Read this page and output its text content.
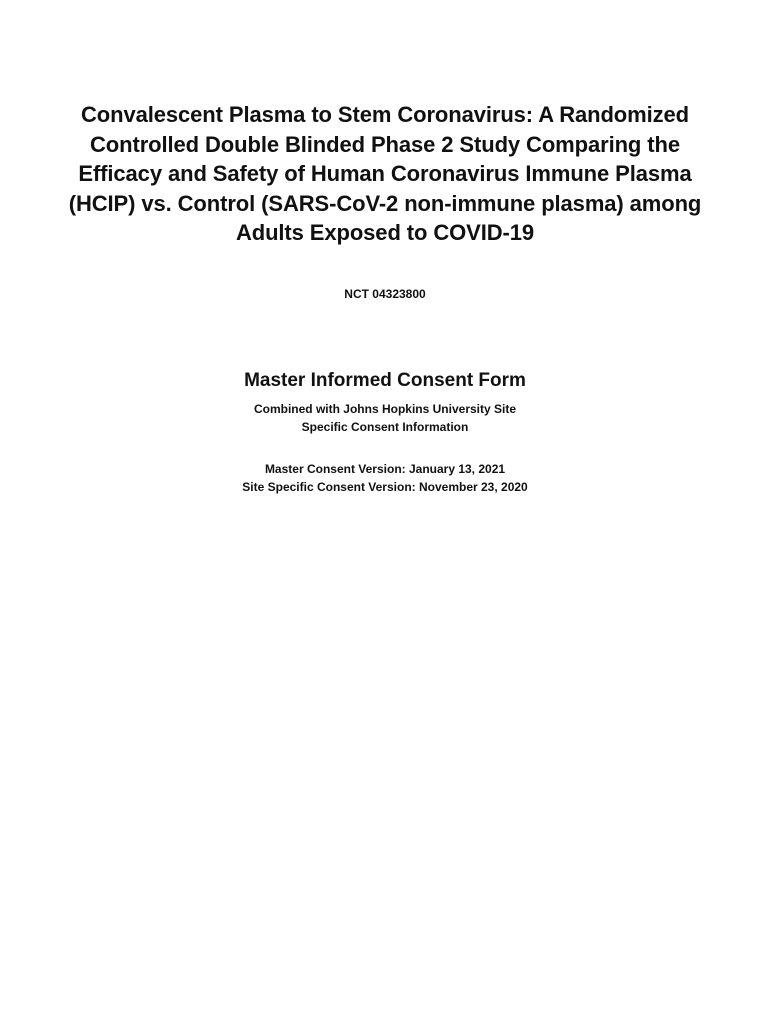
Convalescent Plasma to Stem Coronavirus: A Randomized
Controlled Double Blinded Phase 2 Study Comparing the
Efficacy and Safety of Human Coronavirus Immune Plasma
(HCIP) vs. Control (SARS-CoV-2 non-immune plasma) among
Adults Exposed to COVID-19
NCT 04323800
Master Informed Consent Form
Combined with Johns Hopkins University Site
Specific Consent Information
Master Consent Version: January 13, 2021
Site Specific Consent Version: November 23, 2020
